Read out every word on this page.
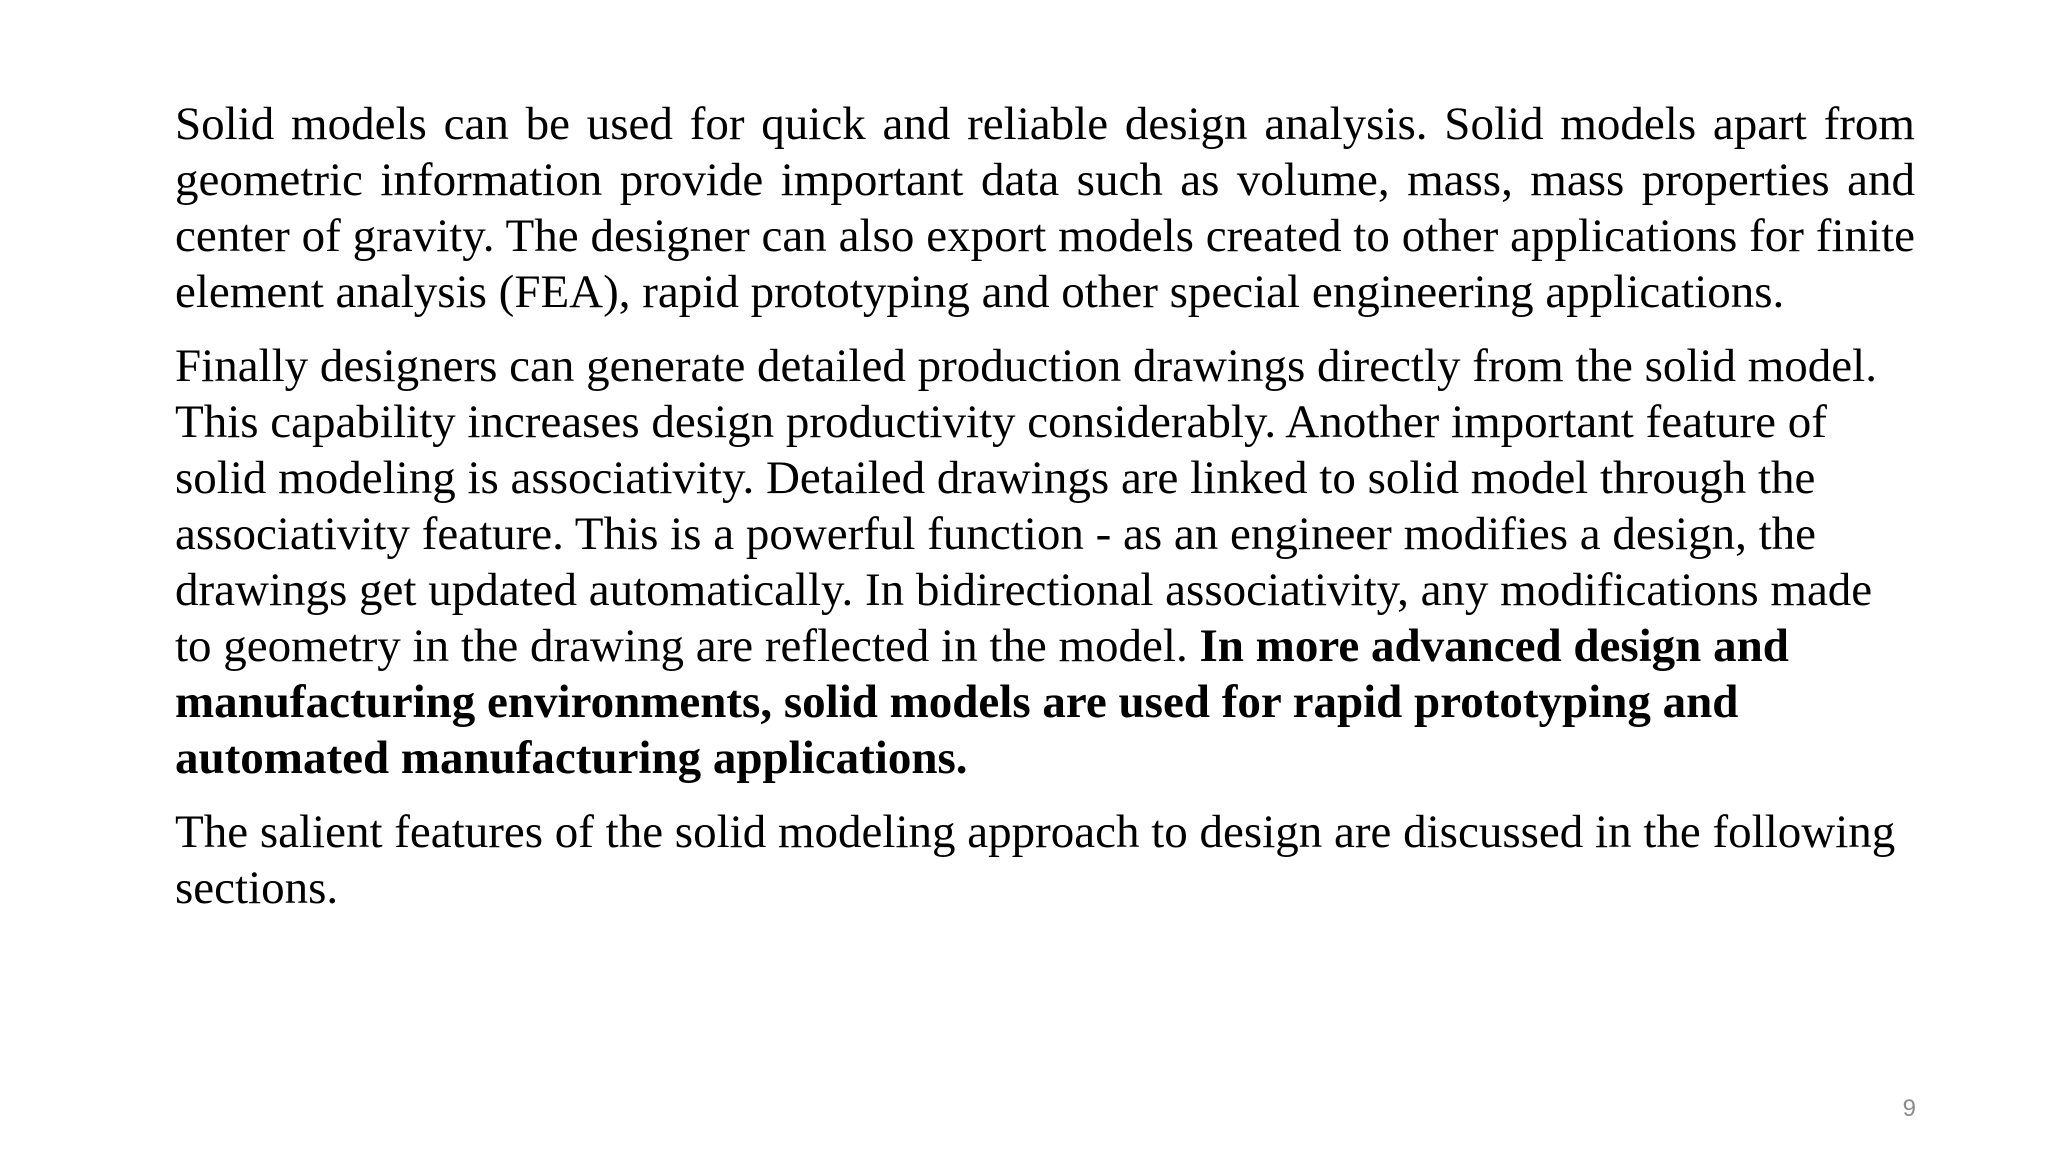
Solid models can be used for quick and reliable design analysis. Solid models apart from geometric information provide important data such as volume, mass, mass properties and center of gravity. The designer can also export models created to other applications for finite element analysis (FEA), rapid prototyping and other special engineering applications.

Finally designers can generate detailed production drawings directly from the solid model. This capability increases design productivity considerably. Another important feature of solid modeling is associativity. Detailed drawings are linked to solid model through the associativity feature. This is a powerful function - as an engineer modifies a design, the drawings get updated automatically. In bidirectional associativity, any modifications made to geometry in the drawing are reflected in the model. In more advanced design and manufacturing environments, solid models are used for rapid prototyping and automated manufacturing applications.

The salient features of the solid modeling approach to design are discussed in the following sections.

9
